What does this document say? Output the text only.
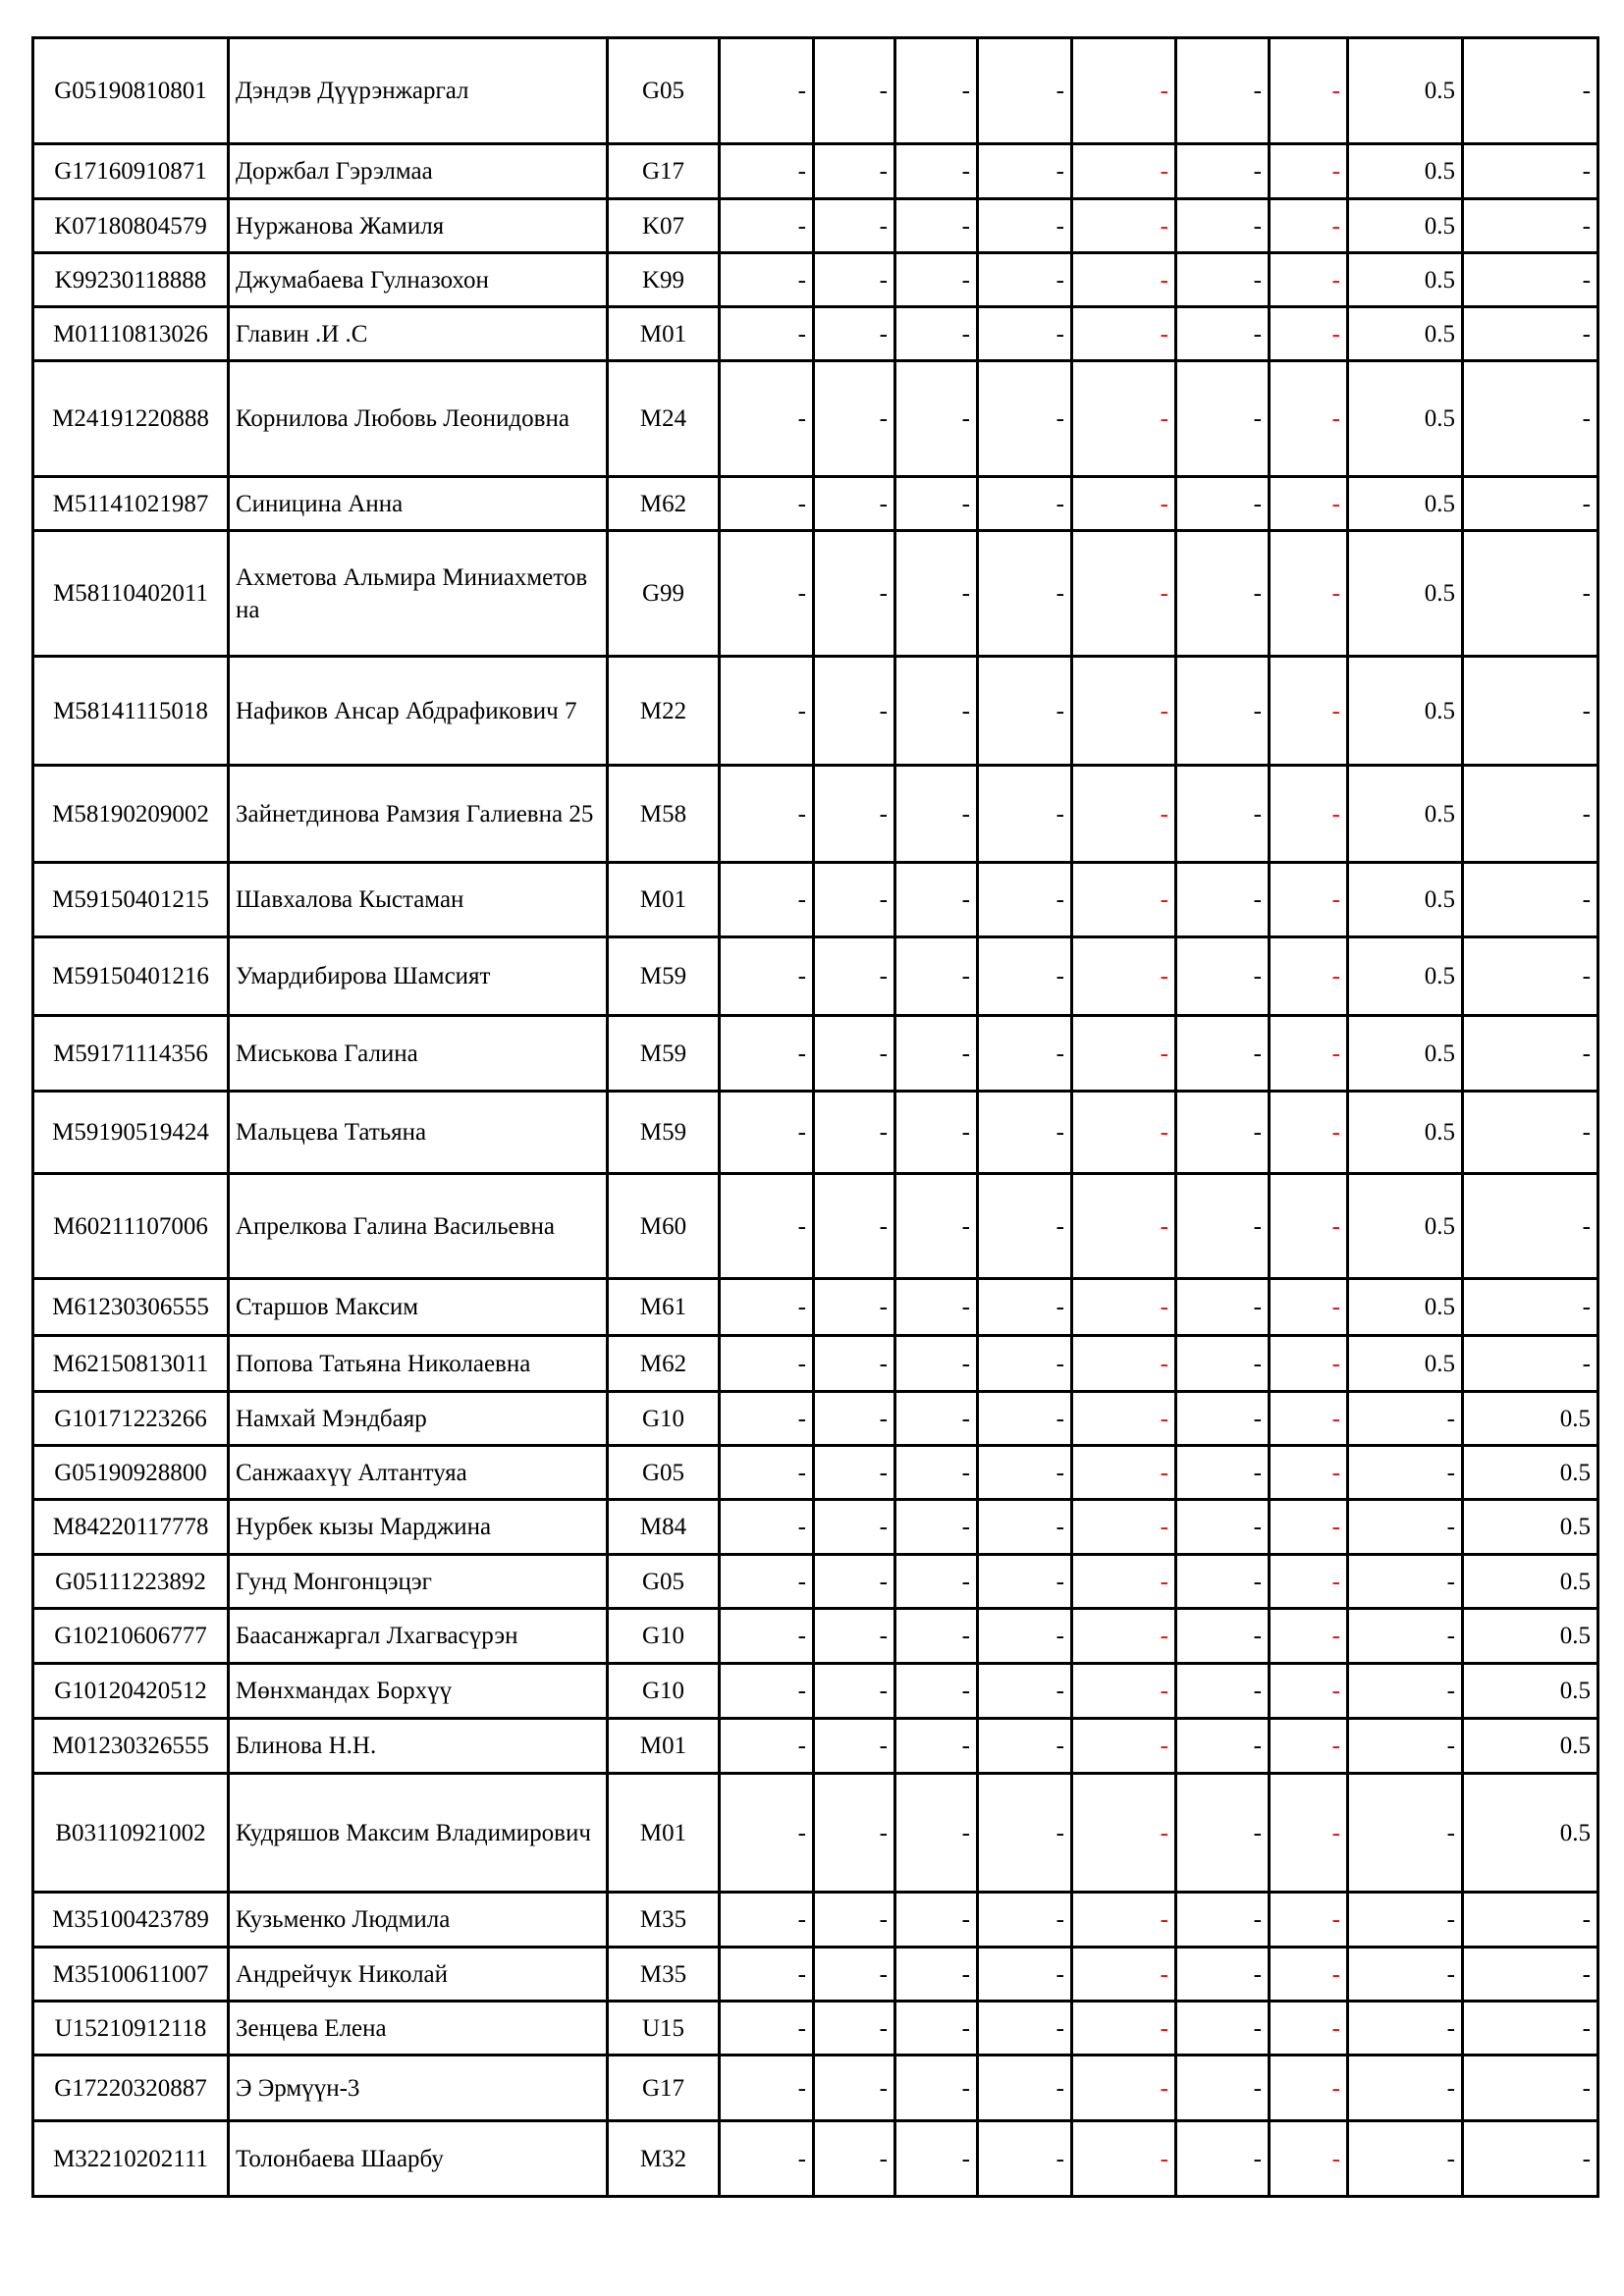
G05190810801	Дэндэв Дүүрэнжаргал	G05	-	-	-	-	-	-	-	0.5	-
G17160910871	Доржбал Гэрэлмаа	G17	-	-	-	-	-	-	-	0.5	-
K07180804579	Нуржанова Жамиля	K07	-	-	-	-	-	-	-	0.5	-
K99230118888	Джумабаева Гулназохон	K99	-	-	-	-	-	-	-	0.5	-
M01110813026	Главин .И .С	M01	-	-	-	-	-	-	-	0.5	-
M24191220888	Корнилова Любовь Леонидовна	M24	-	-	-	-	-	-	-	0.5	-
M51141021987	Синицина Анна	M62	-	-	-	-	-	-	-	0.5	-
M58110402011	Ахметова Альмира Миниахметовна	G99	-	-	-	-	-	-	-	0.5	-
M58141115018	Нафиков Ансар Абдрафикович 7	M22	-	-	-	-	-	-	-	0.5	-
M58190209002	Зайнетдинова Рамзия Галиевна 25	M58	-	-	-	-	-	-	-	0.5	-
M59150401215	Шавхалова Кыстаман	M01	-	-	-	-	-	-	-	0.5	-
M59150401216	Умардибирова Шамсият	M59	-	-	-	-	-	-	-	0.5	-
M59171114356	Миськова Галина	M59	-	-	-	-	-	-	-	0.5	-
M59190519424	Мальцева Татьяна	M59	-	-	-	-	-	-	-	0.5	-
M60211107006	Апрелкова Галина Васильевна	M60	-	-	-	-	-	-	-	0.5	-
M61230306555	Старшов Максим	M61	-	-	-	-	-	-	-	0.5	-
M62150813011	Попова Татьяна Николаевна	M62	-	-	-	-	-	-	-	0.5	-
G10171223266	Намхай Мэндбаяр	G10	-	-	-	-	-	-	-	-	0.5
G05190928800	Санжаахүү Алтантуяа	G05	-	-	-	-	-	-	-	-	0.5
M84220117778	Нурбек кызы Марджина	M84	-	-	-	-	-	-	-	-	0.5
G05111223892	Гунд Монгонцэцэг	G05	-	-	-	-	-	-	-	-	0.5
G10210606777	Баасанжаргал Лхагвасүрэн	G10	-	-	-	-	-	-	-	-	0.5
G10120420512	Мөнхмандах Борхүү	G10	-	-	-	-	-	-	-	-	0.5
M01230326555	Блинова Н.Н.	M01	-	-	-	-	-	-	-	-	0.5
B03110921002	Кудряшов Максим Владимирович	M01	-	-	-	-	-	-	-	-	0.5
M35100423789	Кузьменко Людмила	M35	-	-	-	-	-	-	-	-	-
M35100611007	Андрейчук Николай	M35	-	-	-	-	-	-	-	-	-
U15210912118	Зенцева Елена	U15	-	-	-	-	-	-	-	-	-
G17220320887	Э Эрмүүн-3	G17	-	-	-	-	-	-	-	-	-
M32210202111	Толонбаева Шаарбу	M32	-	-	-	-	-	-	-	-	-
